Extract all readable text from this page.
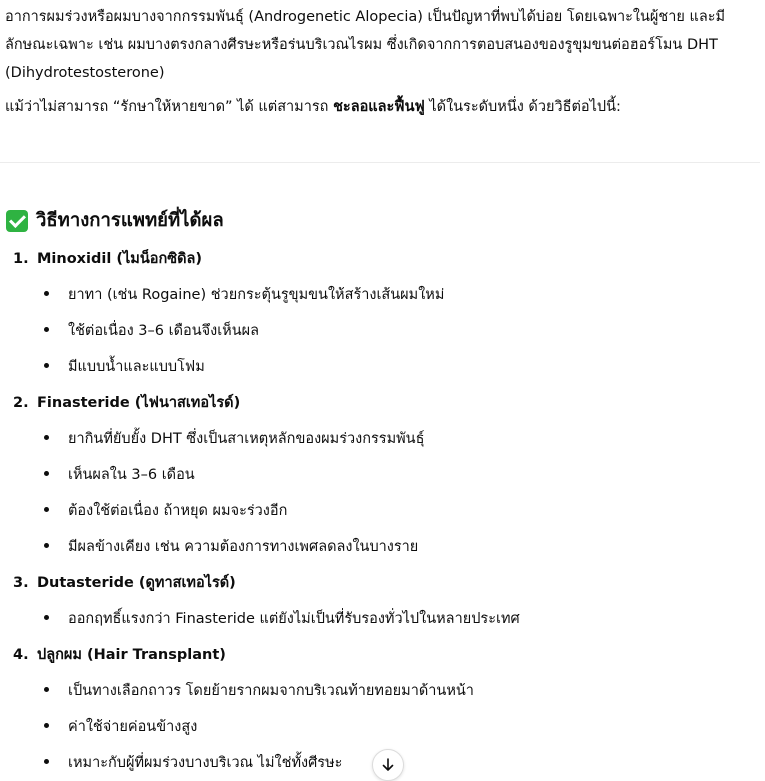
อาการผมร่วงหรือผมบางจากกรรมพันธุ์ (Androgenetic Alopecia) เป็นปัญหาที่พบได้บ่อย โดยเฉพาะในผู้ชาย และมีลักษณะเฉพาะ เช่น ผมบางตรงกลางศีรษะหรือร่นบริเวณไรผม ซึ่งเกิดจากการตอบสนองของรูขุมขนต่อฮอร์โมน DHT (Dihydrotestosterone)

แม้ว่าไม่สามารถ “รักษาให้หายขาด” ได้ แต่สามารถ ชะลอและฟื้นฟู ได้ในระดับหนึ่ง ด้วยวิธีต่อไปนี้:

วิธีทางการแพทย์ที่ได้ผล
1. Minoxidil (ไมน็อกซิดิล)
ยาทา (เช่น Rogaine) ช่วยกระตุ้นรูขุมขนให้สร้างเส้นผมใหม่
ใช้ต่อเนื่อง 3–6 เดือนจึงเห็นผล
มีแบบน้ำและแบบโฟม
2. Finasteride (ไฟนาสเทอไรด์)
ยากินที่ยับยั้ง DHT ซึ่งเป็นสาเหตุหลักของผมร่วงกรรมพันธุ์
เห็นผลใน 3–6 เดือน
ต้องใช้ต่อเนื่อง ถ้าหยุด ผมจะร่วงอีก
มีผลข้างเคียง เช่น ความต้องการทางเพศลดลงในบางราย
3. Dutasteride (ดูทาสเทอไรด์)
ออกฤทธิ์แรงกว่า Finasteride แต่ยังไม่เป็นที่รับรองทั่วไปในหลายประเทศ
4. ปลูกผม (Hair Transplant)
เป็นทางเลือกถาวร โดยย้ายรากผมจากบริเวณท้ายทอยมาด้านหน้า
ค่าใช้จ่ายค่อนข้างสูง
เหมาะกับผู้ที่ผมร่วงบางบริเวณ ไม่ใช่ทั้งศีรษะ
